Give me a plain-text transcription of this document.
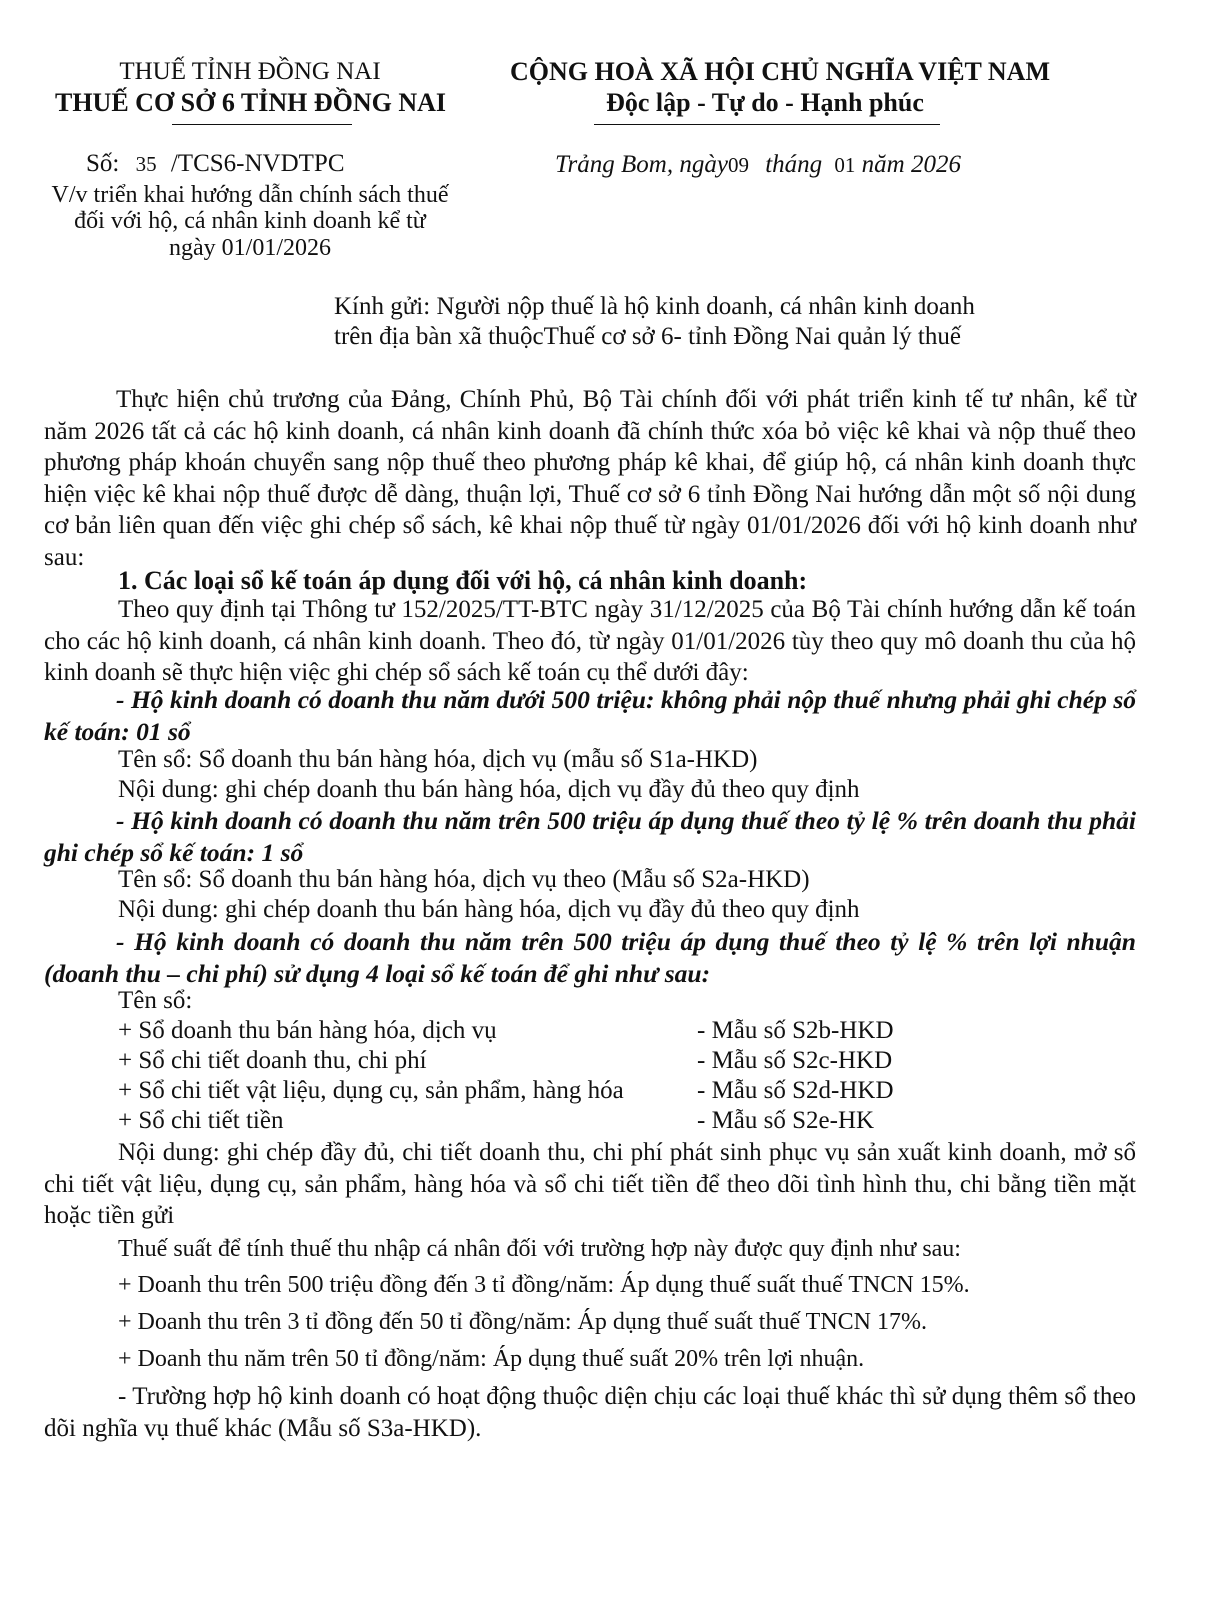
THUẾ TỈNH ĐỒNG NAI
THUẾ CƠ SỞ 6 TỈNH ĐỒNG NAI
CỘNG HOÀ XÃ HỘI CHỦ NGHĨA VIỆT NAM
Độc lập - Tự do - Hạnh phúc
Số: 35 /TCS6-NVDTPC	Trảng Bom, ngày09 tháng 01 năm 2026
V/v triển khai hướng dẫn chính sách thuế
đối với hộ, cá nhân kinh doanh kể từ
ngày 01/01/2026
Kính gửi: Người nộp thuế là hộ kinh doanh, cá nhân kinh doanh
trên địa bàn xã thuộcThuế cơ sở 6- tỉnh Đồng Nai quản lý thuế
Thực hiện chủ trương của Đảng, Chính Phủ, Bộ Tài chính đối với phát triển kinh tế tư nhân, kể từ năm 2026 tất cả các hộ kinh doanh, cá nhân kinh doanh đã chính thức xóa bỏ việc kê khai và nộp thuế theo phương pháp khoán chuyển sang nộp thuế theo phương pháp kê khai, để giúp hộ, cá nhân kinh doanh thực hiện việc kê khai nộp thuế được dễ dàng, thuận lợi, Thuế cơ sở 6 tỉnh Đồng Nai hướng dẫn một số nội dung cơ bản liên quan đến việc ghi chép sổ sách, kê khai nộp thuế từ ngày 01/01/2026 đối với hộ kinh doanh như sau:
1. Các loại sổ kế toán áp dụng đối với hộ, cá nhân kinh doanh:
Theo quy định tại Thông tư 152/2025/TT-BTC ngày 31/12/2025 của Bộ Tài chính hướng dẫn kế toán cho các hộ kinh doanh, cá nhân kinh doanh. Theo đó, từ ngày 01/01/2026 tùy theo quy mô doanh thu của hộ kinh doanh sẽ thực hiện việc ghi chép sổ sách kế toán cụ thể dưới đây:
- Hộ kinh doanh có doanh thu năm dưới 500 triệu: không phải nộp thuế nhưng phải ghi chép sổ kế toán: 01 sổ
Tên sổ: Sổ doanh thu bán hàng hóa, dịch vụ (mẫu số S1a-HKD)
Nội dung: ghi chép doanh thu bán hàng hóa, dịch vụ đầy đủ theo quy định
- Hộ kinh doanh có doanh thu năm trên 500 triệu áp dụng thuế theo tỷ lệ % trên doanh thu phải ghi chép sổ kế toán: 1 sổ
Tên sổ: Sổ doanh thu bán hàng hóa, dịch vụ theo (Mẫu số S2a-HKD)
Nội dung: ghi chép doanh thu bán hàng hóa, dịch vụ đầy đủ theo quy định
- Hộ kinh doanh có doanh thu năm trên 500 triệu áp dụng thuế theo tỷ lệ % trên lợi nhuận (doanh thu – chi phí) sử dụng 4 loại sổ kế toán để ghi như sau:
Tên sổ:
+ Sổ doanh thu bán hàng hóa, dịch vụ	- Mẫu số S2b-HKD
+ Sổ chi tiết doanh thu, chi phí	- Mẫu số S2c-HKD
+ Sổ chi tiết vật liệu, dụng cụ, sản phẩm, hàng hóa	- Mẫu số S2d-HKD
+ Sổ chi tiết tiền	- Mẫu số S2e-HK
Nội dung: ghi chép đầy đủ, chi tiết doanh thu, chi phí phát sinh phục vụ sản xuất kinh doanh, mở sổ chi tiết vật liệu, dụng cụ, sản phẩm, hàng hóa và sổ chi tiết tiền để theo dõi tình hình thu, chi bằng tiền mặt hoặc tiền gửi
Thuế suất để tính thuế thu nhập cá nhân đối với trường hợp này được quy định như sau:
+ Doanh thu trên 500 triệu đồng đến 3 tỉ đồng/năm: Áp dụng thuế suất thuế TNCN 15%.
+ Doanh thu trên 3 tỉ đồng đến 50 tỉ đồng/năm: Áp dụng thuế suất thuế TNCN 17%.
+ Doanh thu năm trên 50 tỉ đồng/năm: Áp dụng thuế suất 20% trên lợi nhuận.
- Trường hợp hộ kinh doanh có hoạt động thuộc diện chịu các loại thuế khác thì sử dụng thêm sổ theo dõi nghĩa vụ thuế khác (Mẫu số S3a-HKD).
